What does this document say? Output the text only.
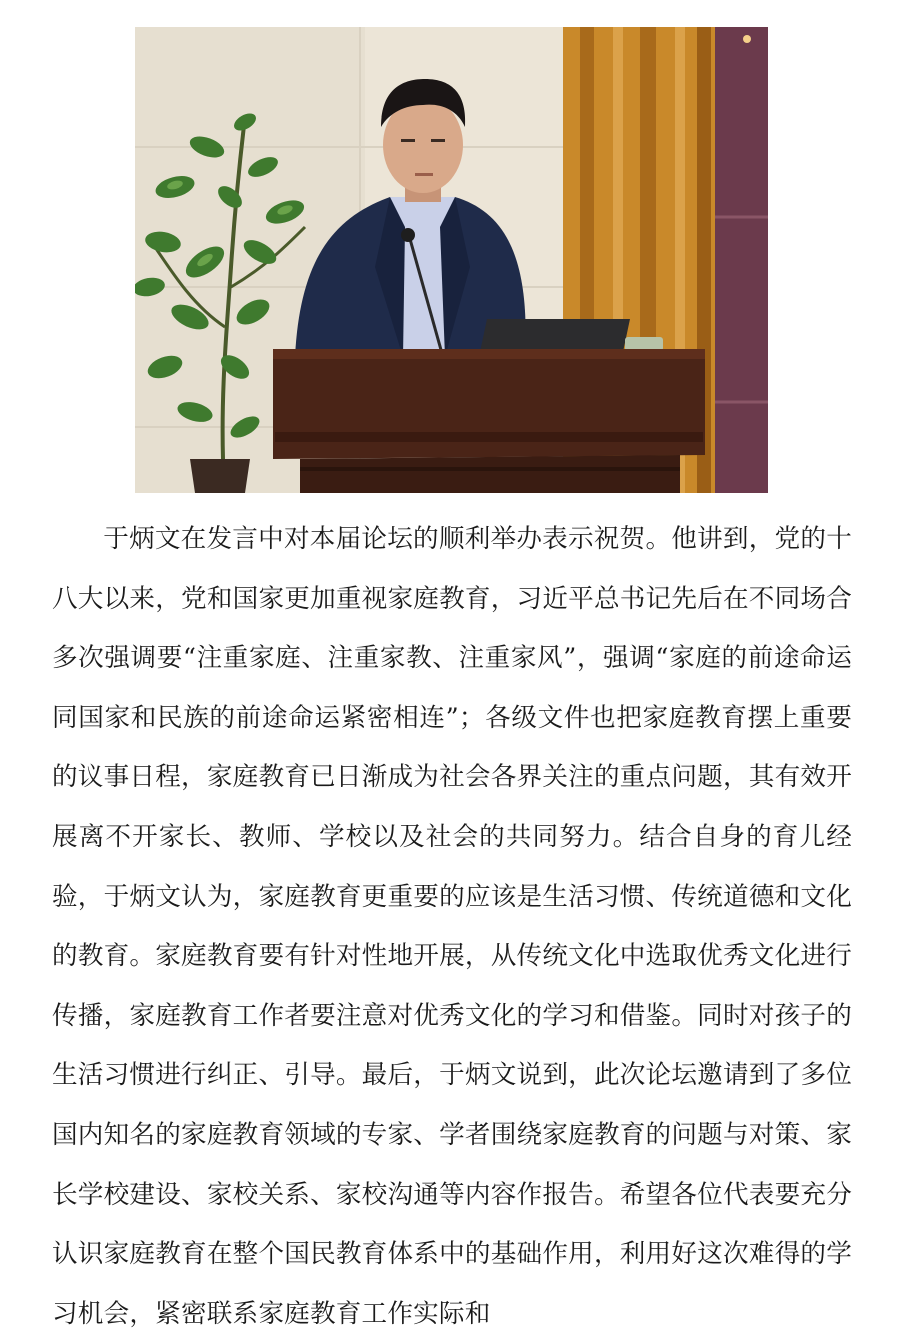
于炳文在发言中对本届论坛的顺利举办表示祝贺。他讲到，党的十八大以来，党和国家更加重视家庭教育，习近平总书记先后在不同场合多次强调要“注重家庭、注重家教、注重家风”，强调“家庭的前途命运同国家和民族的前途命运紧密相连”；各级文件也把家庭教育摆上重要的议事日程，家庭教育已日渐成为社会各界关注的重点问题，其有效开展离不开家长、教师、学校以及社会的共同努力。结合自身的育儿经验，于炳文认为，家庭教育更重要的应该是生活习惯、传统道德和文化的教育。家庭教育要有针对性地开展，从传统文化中选取优秀文化进行传播，家庭教育工作者要注意对优秀文化的学习和借鉴。同时对孩子的生活习惯进行纠正、引导。最后，于炳文说到，此次论坛邀请到了多位国内知名的家庭教育领域的专家、学者围绕家庭教育的问题与对策、家长学校建设、家校关系、家校沟通等内容作报告。希望各位代表要充分认识家庭教育在整个国民教育体系中的基础作用，利用好这次难得的学习机会，紧密联系家庭教育工作实际和
